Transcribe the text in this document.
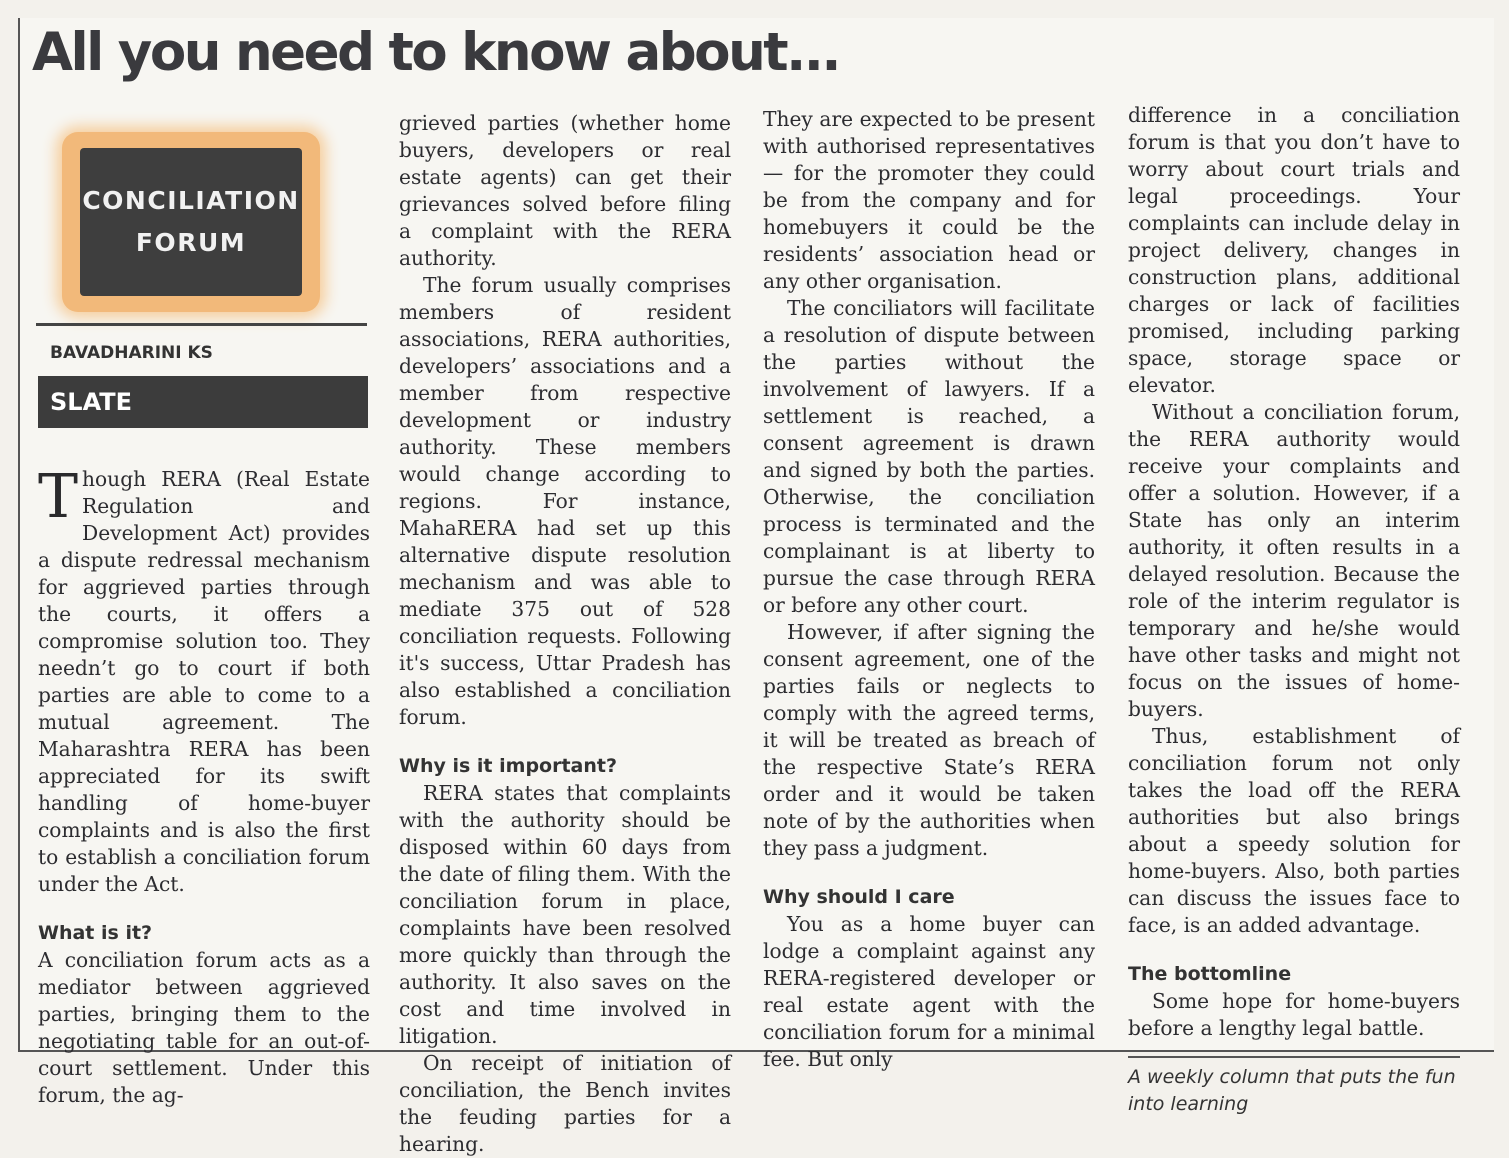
All you need to know about...
CONCILIATION
FORUM
BAVADHARINI KS
SLATE

Though RERA (Real Estate Regulation and Development Act) provides a dispute redressal mechanism for aggrieved parties through the courts, it offers a compromise solution too. They needn’t go to court if both parties are able to come to a mutual agreement. The Maharashtra RERA has been appreciated for its swift handling of home-buyer complaints and is also the first to establish a conciliation forum under the Act.

What is it?

A conciliation forum acts as a mediator between aggrieved parties, bringing them to the negotiating table for an out-of-court settlement. Under this forum, the ag-

grieved parties (whether home buyers, developers or real estate agents) can get their grievances solved before filing a complaint with the RERA authority.

The forum usually comprises members of resident associations, RERA authorities, developers’ associations and a member from respective development or industry authority. These members would change according to regions. For instance, MahaRERA had set up this alternative dispute resolution mechanism and was able to mediate 375 out of 528 conciliation requests. Following it's success, Uttar Pradesh has also established a conciliation forum.

Why is it important?

RERA states that complaints with the authority should be disposed within 60 days from the date of filing them. With the conciliation forum in place, complaints have been resolved more quickly than through the authority. It also saves on the cost and time involved in litigation.

On receipt of initiation of conciliation, the Bench invites the feuding parties for a hearing.

They are expected to be present with authorised representatives — for the promoter they could be from the company and for homebuyers it could be the residents’ association head or any other organisation.

The conciliators will facilitate a resolution of dispute between the parties without the involvement of lawyers. If a settlement is reached, a consent agreement is drawn and signed by both the parties. Otherwise, the conciliation process is terminated and the complainant is at liberty to pursue the case through RERA or before any other court.

However, if after signing the consent agreement, one of the parties fails or neglects to comply with the agreed terms, it will be treated as breach of the respective State’s RERA order and it would be taken note of by the authorities when they pass a judgment.

Why should I care

You as a home buyer can lodge a complaint against any RERA-registered developer or real estate agent with the conciliation forum for a minimal fee. But only

difference in a conciliation forum is that you don’t have to worry about court trials and legal proceedings. Your complaints can include delay in project delivery, changes in construction plans, additional charges or lack of facilities promised, including parking space, storage space or elevator.

Without a conciliation forum, the RERA authority would receive your complaints and offer a solution. However, if a State has only an interim authority, it often results in a delayed resolution. Because the role of the interim regulator is temporary and he/she would have other tasks and might not focus on the issues of home-buyers.

Thus, establishment of conciliation forum not only takes the load off the RERA authorities but also brings about a speedy solution for home-buyers. Also, both parties can discuss the issues face to face, is an added advantage.

The bottomline

Some hope for home-buyers before a lengthy legal battle.

A weekly column that puts the fun into learning
